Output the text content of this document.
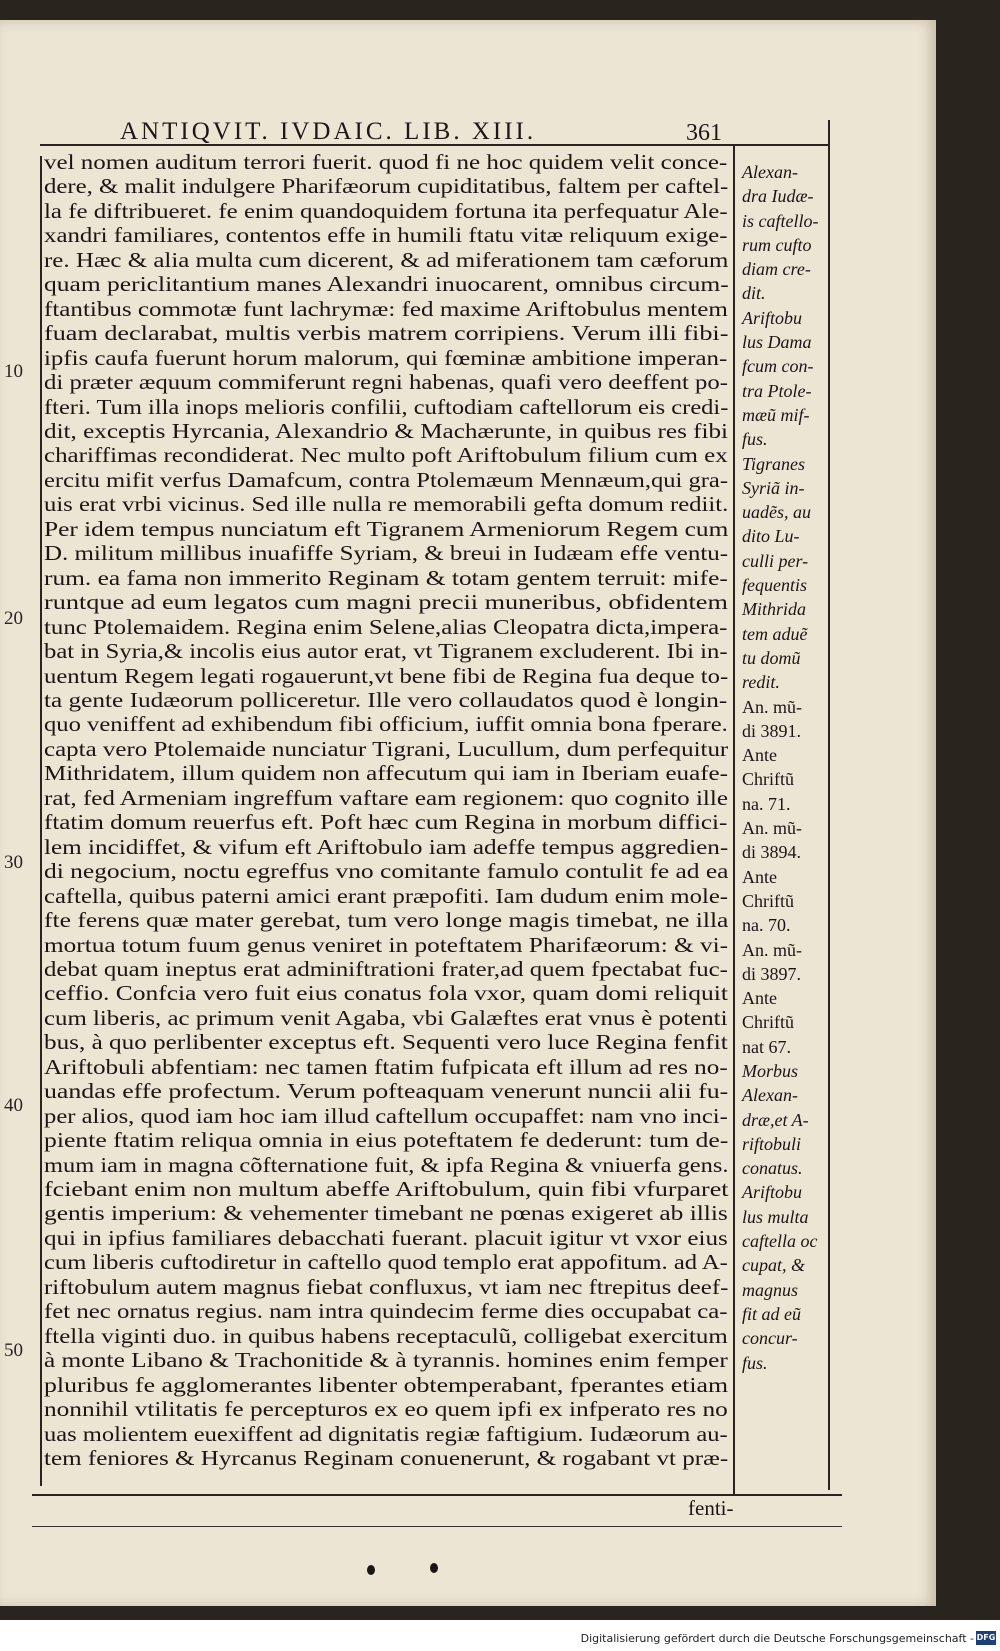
ANTIQVIT. IVDAIC. LIB. XIII.	361
10
20
30
40
50
vel nomen auditum terrori fuerit. quod fi ne hoc quidem velit conce-
dere, & malit indulgere Pharifæorum cupiditatibus, faltem per caftel-
la fe diftribueret. fe enim quandoquidem fortuna ita perfequatur Ale-
xandri familiares, contentos effe in humili ftatu vitæ reliquum exige-
re. Hæc & alia multa cum dicerent, & ad miferationem tam cæforum
quam periclitantium manes Alexandri inuocarent, omnibus circum-
ftantibus commotæ funt lachrymæ: fed maxime Ariftobulus mentem
fuam declarabat, multis verbis matrem corripiens. Verum illi fibi-
ipfis caufa fuerunt horum malorum, qui fœminæ ambitione imperan-
di præter æquum commiferunt regni habenas, quafi vero deeffent po-
fteri. Tum illa inops melioris confilii, cuftodiam caftellorum eis credi-
dit, exceptis Hyrcania, Alexandrio & Machærunte, in quibus res fibi
chariffimas recondiderat. Nec multo poft Ariftobulum filium cum ex
ercitu mifit verfus Damafcum, contra Ptolemæum Mennæum,qui gra-
uis erat vrbi vicinus. Sed ille nulla re memorabili gefta domum rediit.
Per idem tempus nunciatum eft Tigranem Armeniorum Regem cum
D. militum millibus inuafiffe Syriam, & breui in Iudæam effe ventu-
rum. ea fama non immerito Reginam & totam gentem terruit: mife-
runtque ad eum legatos cum magni precii muneribus, obfidentem
tunc Ptolemaidem. Regina enim Selene,alias Cleopatra dicta,impera-
bat in Syria,& incolis eius autor erat, vt Tigranem excluderent. Ibi in-
uentum Regem legati rogauerunt,vt bene fibi de Regina fua deque to-
ta gente Iudæorum polliceretur. Ille vero collaudatos quod è longin-
quo veniffent ad exhibendum fibi officium, iuffit omnia bona fperare.
capta vero Ptolemaide nunciatur Tigrani, Lucullum, dum perfequitur
Mithridatem, illum quidem non affecutum qui iam in Iberiam euafe-
rat, fed Armeniam ingreffum vaftare eam regionem: quo cognito ille
ftatim domum reuerfus eft. Poft hæc cum Regina in morbum diffici-
lem incidiffet, & vifum eft Ariftobulo iam adeffe tempus aggredien-
di negocium, noctu egreffus vno comitante famulo contulit fe ad ea
caftella, quibus paterni amici erant præpofiti. Iam dudum enim mole-
fte ferens quæ mater gerebat, tum vero longe magis timebat, ne illa
mortua totum fuum genus veniret in poteftatem Pharifæorum: & vi-
debat quam ineptus erat adminiftrationi frater,ad quem fpectabat fuc-
ceffio. Confcia vero fuit eius conatus fola vxor, quam domi reliquit
cum liberis, ac primum venit Agaba, vbi Galæftes erat vnus è potenti
bus, à quo perlibenter exceptus eft. Sequenti vero luce Regina fenfit
Ariftobuli abfentiam: nec tamen ftatim fufpicata eft illum ad res no-
uandas effe profectum. Verum pofteaquam venerunt nuncii alii fu-
per alios, quod iam hoc iam illud caftellum occupaffet: nam vno inci-
piente ftatim reliqua omnia in eius poteftatem fe dederunt: tum de-
mum iam in magna cõfternatione fuit, & ipfa Regina & vniuerfa gens.
fciebant enim non multum abeffe Ariftobulum, quin fibi vfurparet
gentis imperium: & vehementer timebant ne pœnas exigeret ab illis
qui in ipfius familiares debacchati fuerant. placuit igitur vt vxor eius
cum liberis cuftodiretur in caftello quod templo erat appofitum. ad A-
riftobulum autem magnus fiebat confluxus, vt iam nec ftrepitus deef-
fet nec ornatus regius. nam intra quindecim ferme dies occupabat ca-
ftella viginti duo. in quibus habens receptaculũ, colligebat exercitum
à monte Libano & Trachonitide & à tyrannis. homines enim femper
pluribus fe agglomerantes libenter obtemperabant, fperantes etiam
nonnihil vtilitatis fe percepturos ex eo quem ipfi ex infperato res no
uas molientem euexiffent ad dignitatis regiæ faftigium. Iudæorum au-
tem feniores & Hyrcanus Reginam conuenerunt, & rogabant vt præ-
Alexan-
dra Iudæ-
is caftello-
rum cufto
diam cre-
dit.
Ariftobu
lus Dama
fcum con-
tra Ptole-
mæũ mif-
fus.
Tigranes
Syriã in-
uadẽs, au
dito Lu-
culli per-
fequentis
Mithrida
tem aduẽ
tu domũ
redit.
An. mũ-
di 3891.
Ante
Chriftũ
na. 71.
An. mũ-
di 3894.
Ante
Chriftũ
na. 70.
An. mũ-
di 3897.
Ante
Chriftũ
nat 67.
Morbus
Alexan-
dræ,et A-
riftobuli
conatus.
Ariftobu
lus multa
caftella oc
cupat, &
magnus
fit ad eũ
concur-
fus.
fenti-
Digitalisierung gefördert durch die Deutsche Forschungsgemeinschaft - DFG
